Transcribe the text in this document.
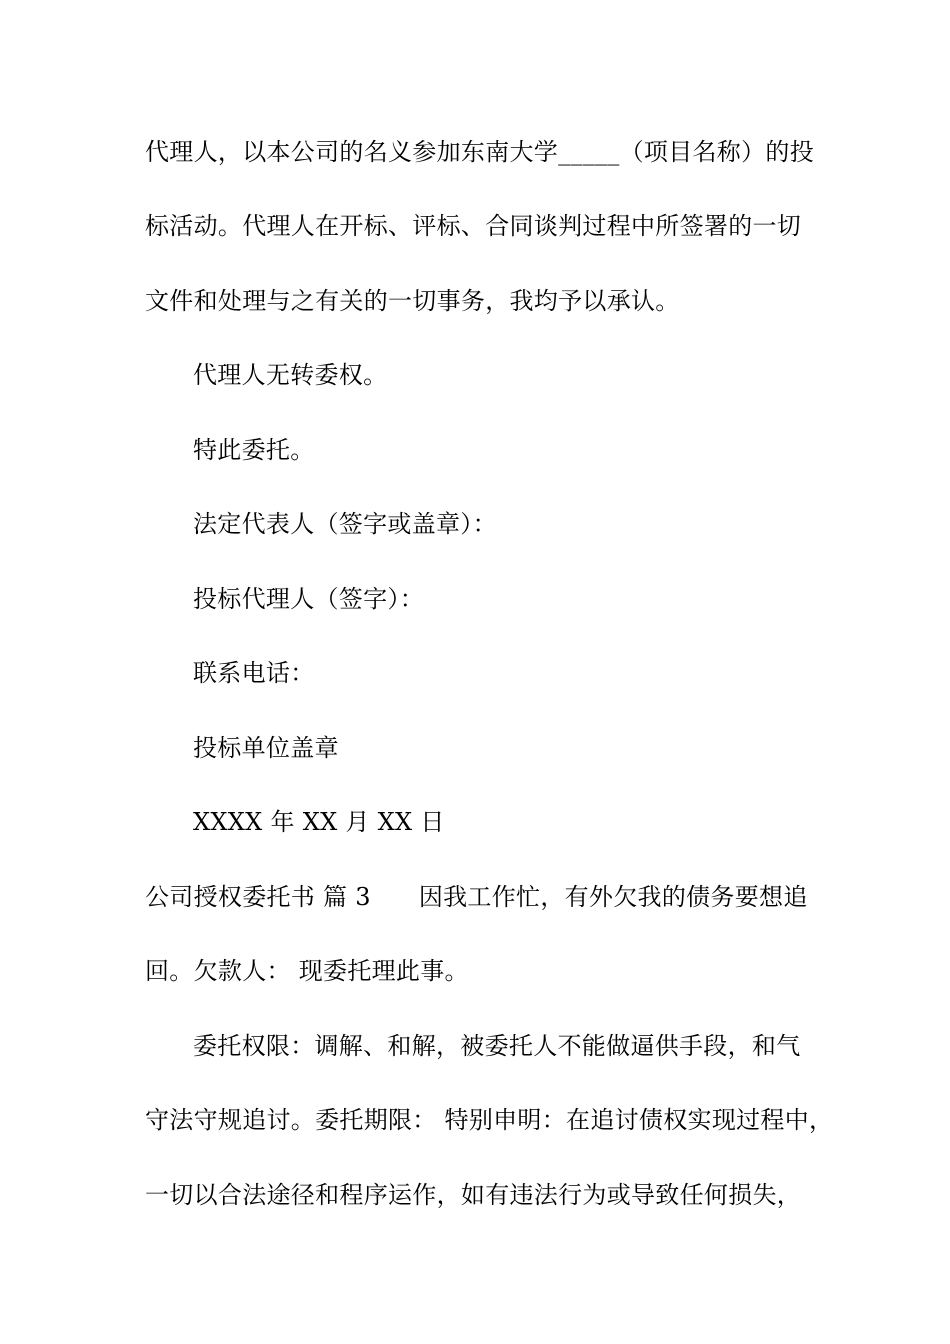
代理人，以本公司的名义参加东南大学_____（项目名称）的投
标活动。代理人在开标、评标、合同谈判过程中所签署的一切
文件和处理与之有关的一切事务，我均予以承认。
代理人无转委权。
特此委托。
法定代表人（签字或盖章）：
投标代理人（签字）：
联系电话：
投标单位盖章
XXXX 年 XX 月 XX 日
公司授权委托书 篇 3 因我工作忙，有外欠我的债务要想追
回。欠款人： 现委托理此事。
委托权限：调解、和解，被委托人不能做逼供手段，和气
守法守规追讨。委托期限： 特别申明：在追讨债权实现过程中，
一切以合法途径和程序运作，如有违法行为或导致任何损失，
